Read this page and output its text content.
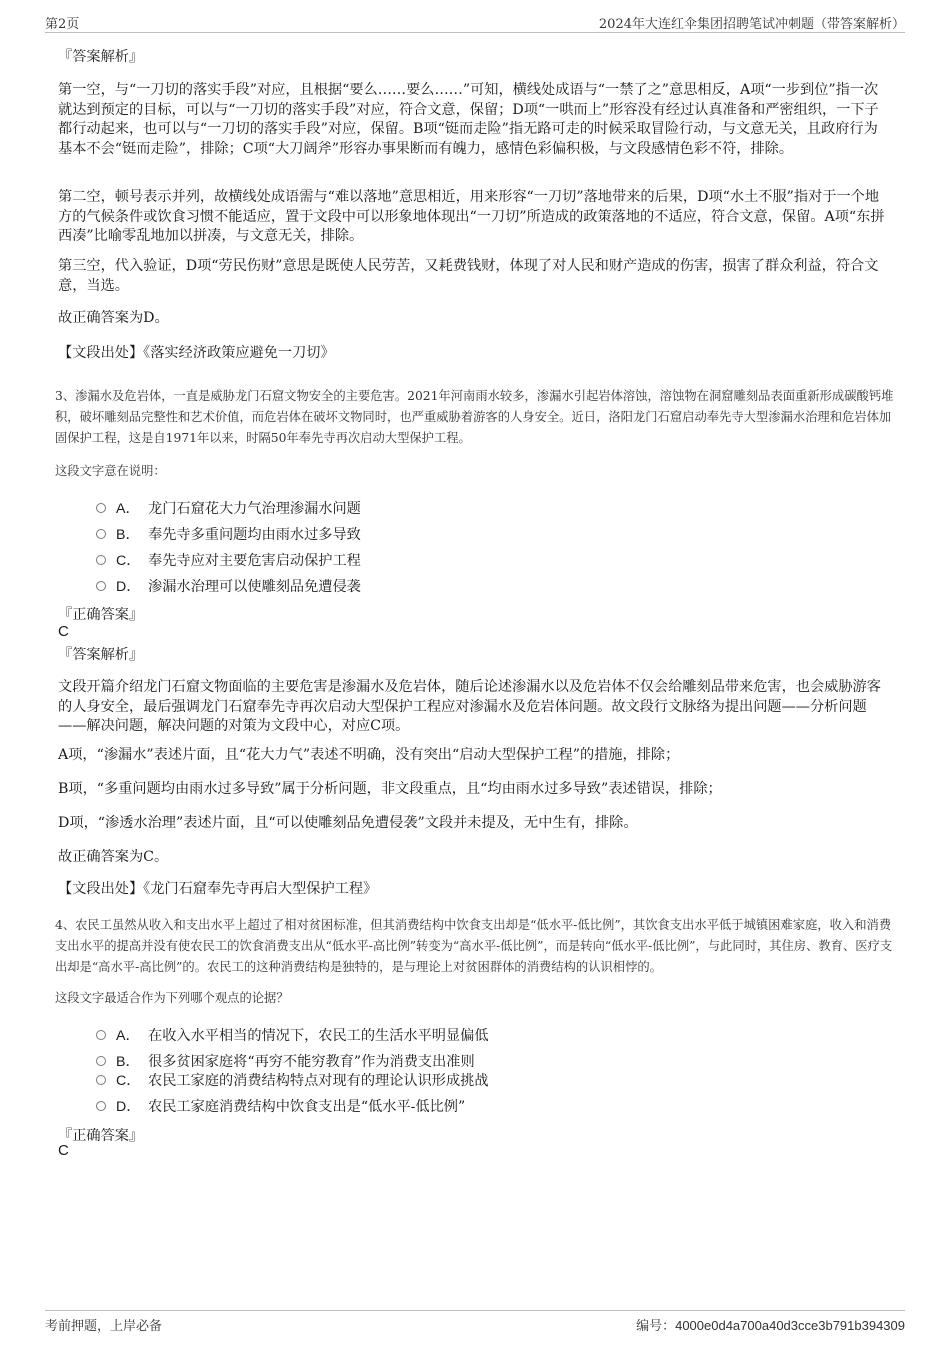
第2页	2024年大连红伞集团招聘笔试冲刺题（带答案解析）
『答案解析』
第一空，与“一刀切的落实手段”对应，且根据“要么……要么……”可知，横线处成语与“一禁了之”意思相反，A项“一步到位”指一次就达到预定的目标，可以与“一刀切的落实手段”对应，符合文意，保留；D项“一哄而上”形容没有经过认真准备和严密组织，一下子都行动起来，也可以与“一刀切的落实手段”对应，保留。B项“铤而走险”指无路可走的时候采取冒险行动，与文意无关，且政府行为基本不会“铤而走险”，排除；C项“大刀阔斧”形容办事果断而有魄力，感情色彩偏积极，与文段感情色彩不符，排除。
第二空，顿号表示并列，故横线处成语需与“难以落地”意思相近，用来形容“一刀切”落地带来的后果，D项“水土不服”指对于一个地方的气候条件或饮食习惯不能适应，置于文段中可以形象地体现出“一刀切”所造成的政策落地的不适应，符合文意，保留。A项“东拼西凑”比喻零乱地加以拼凑，与文意无关，排除。
第三空，代入验证，D项“劳民伤财”意思是既使人民劳苦，又耗费钱财，体现了对人民和财产造成的伤害，损害了群众利益，符合文意，当选。
故正确答案为D。
【文段出处】《落实经济政策应避免一刀切》
3、渗漏水及危岩体，一直是威胁龙门石窟文物安全的主要危害。2021年河南雨水较多，渗漏水引起岩体溶蚀，溶蚀物在洞窟雕刻品表面重新形成碳酸钙堆积，破坏雕刻品完整性和艺术价值，而危岩体在破坏文物同时，也严重威胁着游客的人身安全。近日，洛阳龙门石窟启动奉先寺大型渗漏水治理和危岩体加固保护工程，这是自1971年以来，时隔50年奉先寺再次启动大型保护工程。
这段文字意在说明：
A． 龙门石窟花大力气治理渗漏水问题
B． 奉先寺多重问题均由雨水过多导致
C． 奉先寺应对主要危害启动保护工程
D． 渗漏水治理可以使雕刻品免遭侵袭
『正确答案』
C
『答案解析』
文段开篇介绍龙门石窟文物面临的主要危害是渗漏水及危岩体，随后论述渗漏水以及危岩体不仅会给雕刻品带来危害，也会威胁游客的人身安全，最后强调龙门石窟奉先寺再次启动大型保护工程应对渗漏水及危岩体问题。故文段行文脉络为提出问题——分析问题——解决问题，解决问题的对策为文段中心，对应C项。
A项，“渗漏水”表述片面，且“花大力气”表述不明确，没有突出“启动大型保护工程”的措施，排除；
B项，“多重问题均由雨水过多导致”属于分析问题，非文段重点，且“均由雨水过多导致”表述错误，排除；
D项，“渗透水治理”表述片面，且“可以使雕刻品免遭侵袭”文段并未提及，无中生有，排除。
故正确答案为C。
【文段出处】《龙门石窟奉先寺再启大型保护工程》
4、农民工虽然从收入和支出水平上超过了相对贫困标准，但其消费结构中饮食支出却是“低水平-低比例”，其饮食支出水平低于城镇困难家庭，收入和消费支出水平的提高并没有使农民工的饮食消费支出从“低水平-高比例”转变为“高水平-低比例”，而是转向“低水平-低比例”，与此同时，其住房、教育、医疗支出却是“高水平-高比例”的。农民工的这种消费结构是独特的，是与理论上对贫困群体的消费结构的认识相悖的。
这段文字最适合作为下列哪个观点的论据？
A． 在收入水平相当的情况下，农民工的生活水平明显偏低
B． 很多贫困家庭将“再穷不能穷教育”作为消费支出准则
C． 农民工家庭的消费结构特点对现有的理论认识形成挑战
D． 农民工家庭消费结构中饮食支出是“低水平-低比例”
『正确答案』
C
考前押题，上岸必备	编号：4000e0d4a700a40d3cce3b791b394309
